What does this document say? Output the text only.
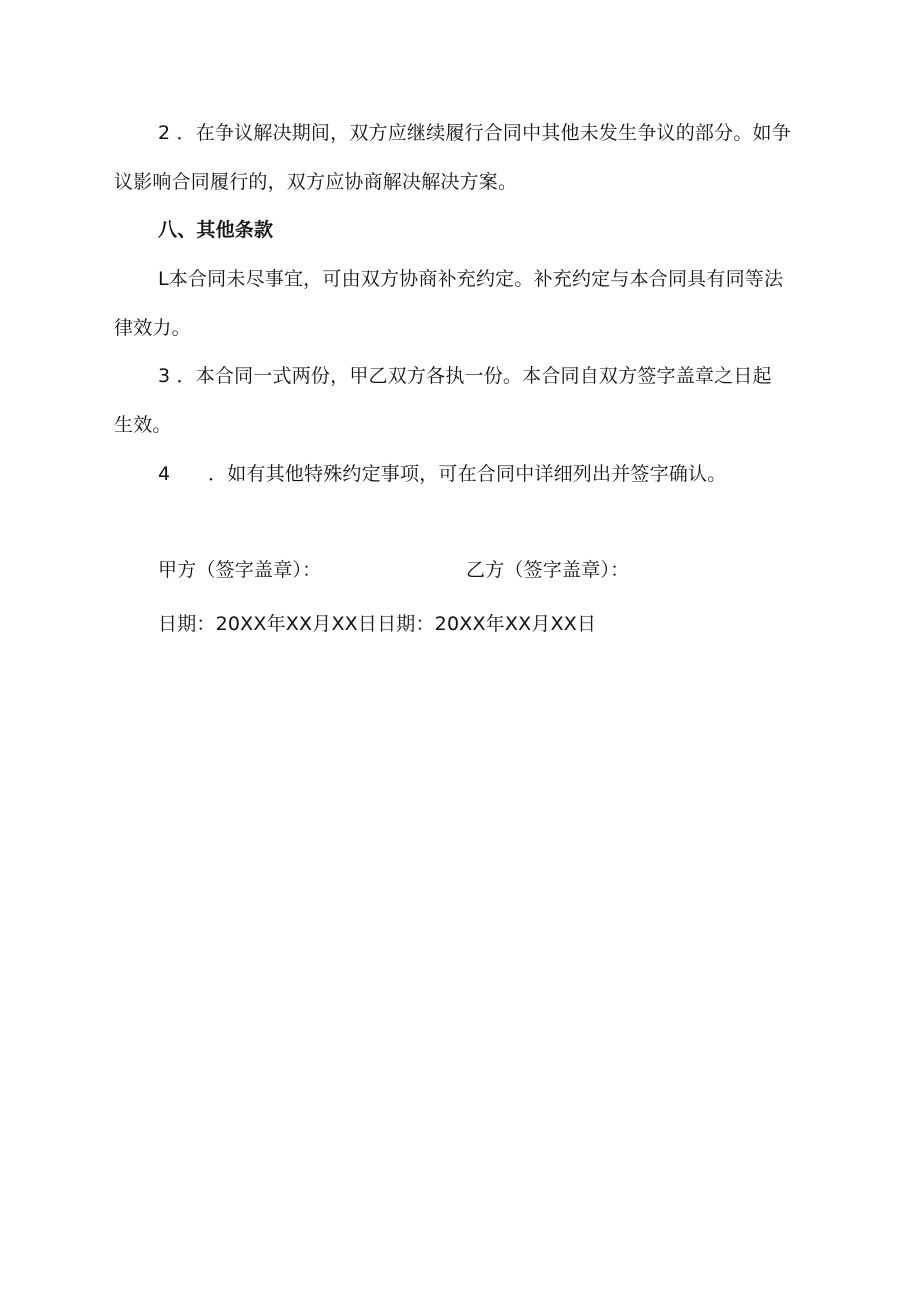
2 ．在争议解决期间，双方应继续履行合同中其他未发生争议的部分。如争
议影响合同履行的，双方应协商解决解决方案。
八、其他条款
L本合同未尽事宜，可由双方协商补充约定。补充约定与本合同具有同等法
律效力。
3 ．本合同一式两份，甲乙双方各执一份。本合同自双方签字盖章之日起
生效。
4 ．如有其他特殊约定事项，可在合同中详细列出并签字确认。
甲方（签字盖章）：	乙方（签字盖章）：
日期：20XX年XX月XX日日期：20XX年XX月XX日
